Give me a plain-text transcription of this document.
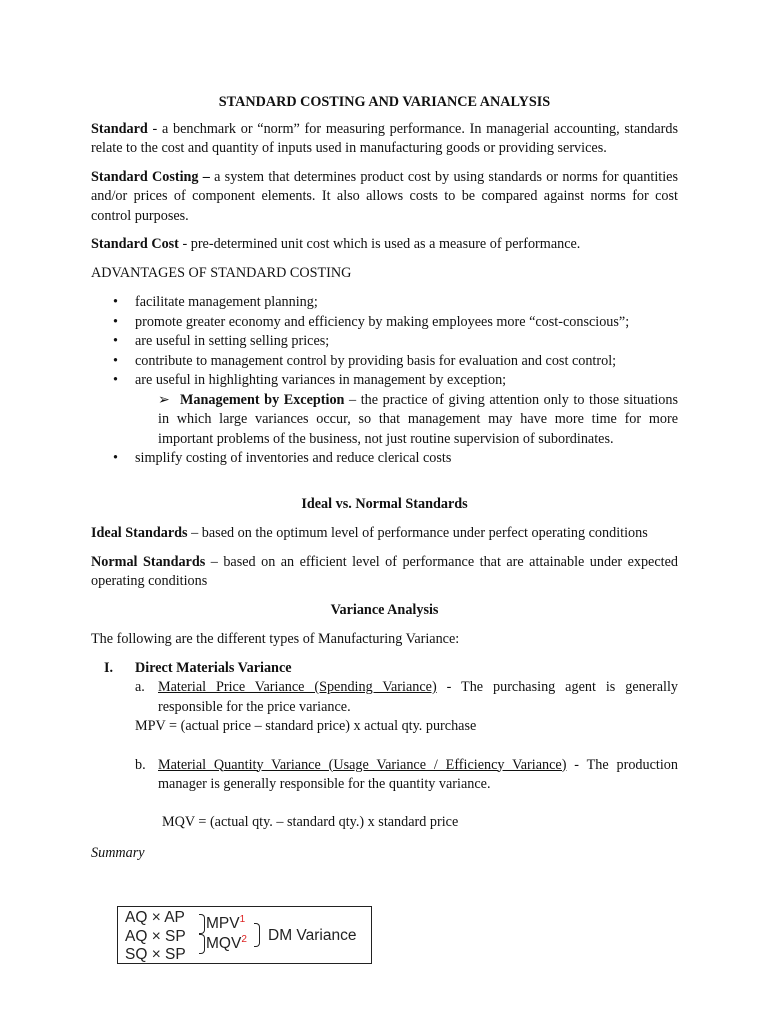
STANDARD COSTING AND VARIANCE ANALYSIS

Standard - a benchmark or “norm” for measuring performance. In managerial accounting, standards relate to the cost and quantity of inputs used in manufacturing goods or providing services.

Standard Costing – a system that determines product cost by using standards or norms for quantities and/or prices of component elements. It also allows costs to be compared against norms for cost control purposes.

Standard Cost - pre-determined unit cost which is used as a measure of performance.

ADVANTAGES OF STANDARD COSTING
• facilitate management planning;
• promote greater economy and efficiency by making employees more “cost-conscious”;
• are useful in setting selling prices;
• contribute to management control by providing basis for evaluation and cost control;
• are useful in highlighting variances in management by exception;
➢ Management by Exception – the practice of giving attention only to those situations in which large variances occur, so that management may have more time for more important problems of the business, not just routine supervision of subordinates.
• simplify costing of inventories and reduce clerical costs
Ideal vs. Normal Standards

Ideal Standards – based on the optimum level of performance under perfect operating conditions

Normal Standards – based on an efficient level of performance that are attainable under expected operating conditions

Variance Analysis

The following are the different types of Manufacturing Variance:

I.	Direct Materials Variance
a. Material Price Variance (Spending Variance) - The purchasing agent is generally responsible for the price variance.
MPV = (actual price – standard price) x actual qty. purchase
b. Material Quantity Variance (Usage Variance / Efficiency Variance) - The production manager is generally responsible for the quantity variance.
MQV = (actual qty. – standard qty.) x standard price
Summary
AQ × AP
AQ × SP
SQ × SP
MPV$^1$
MQV$^2$ DM Variance
